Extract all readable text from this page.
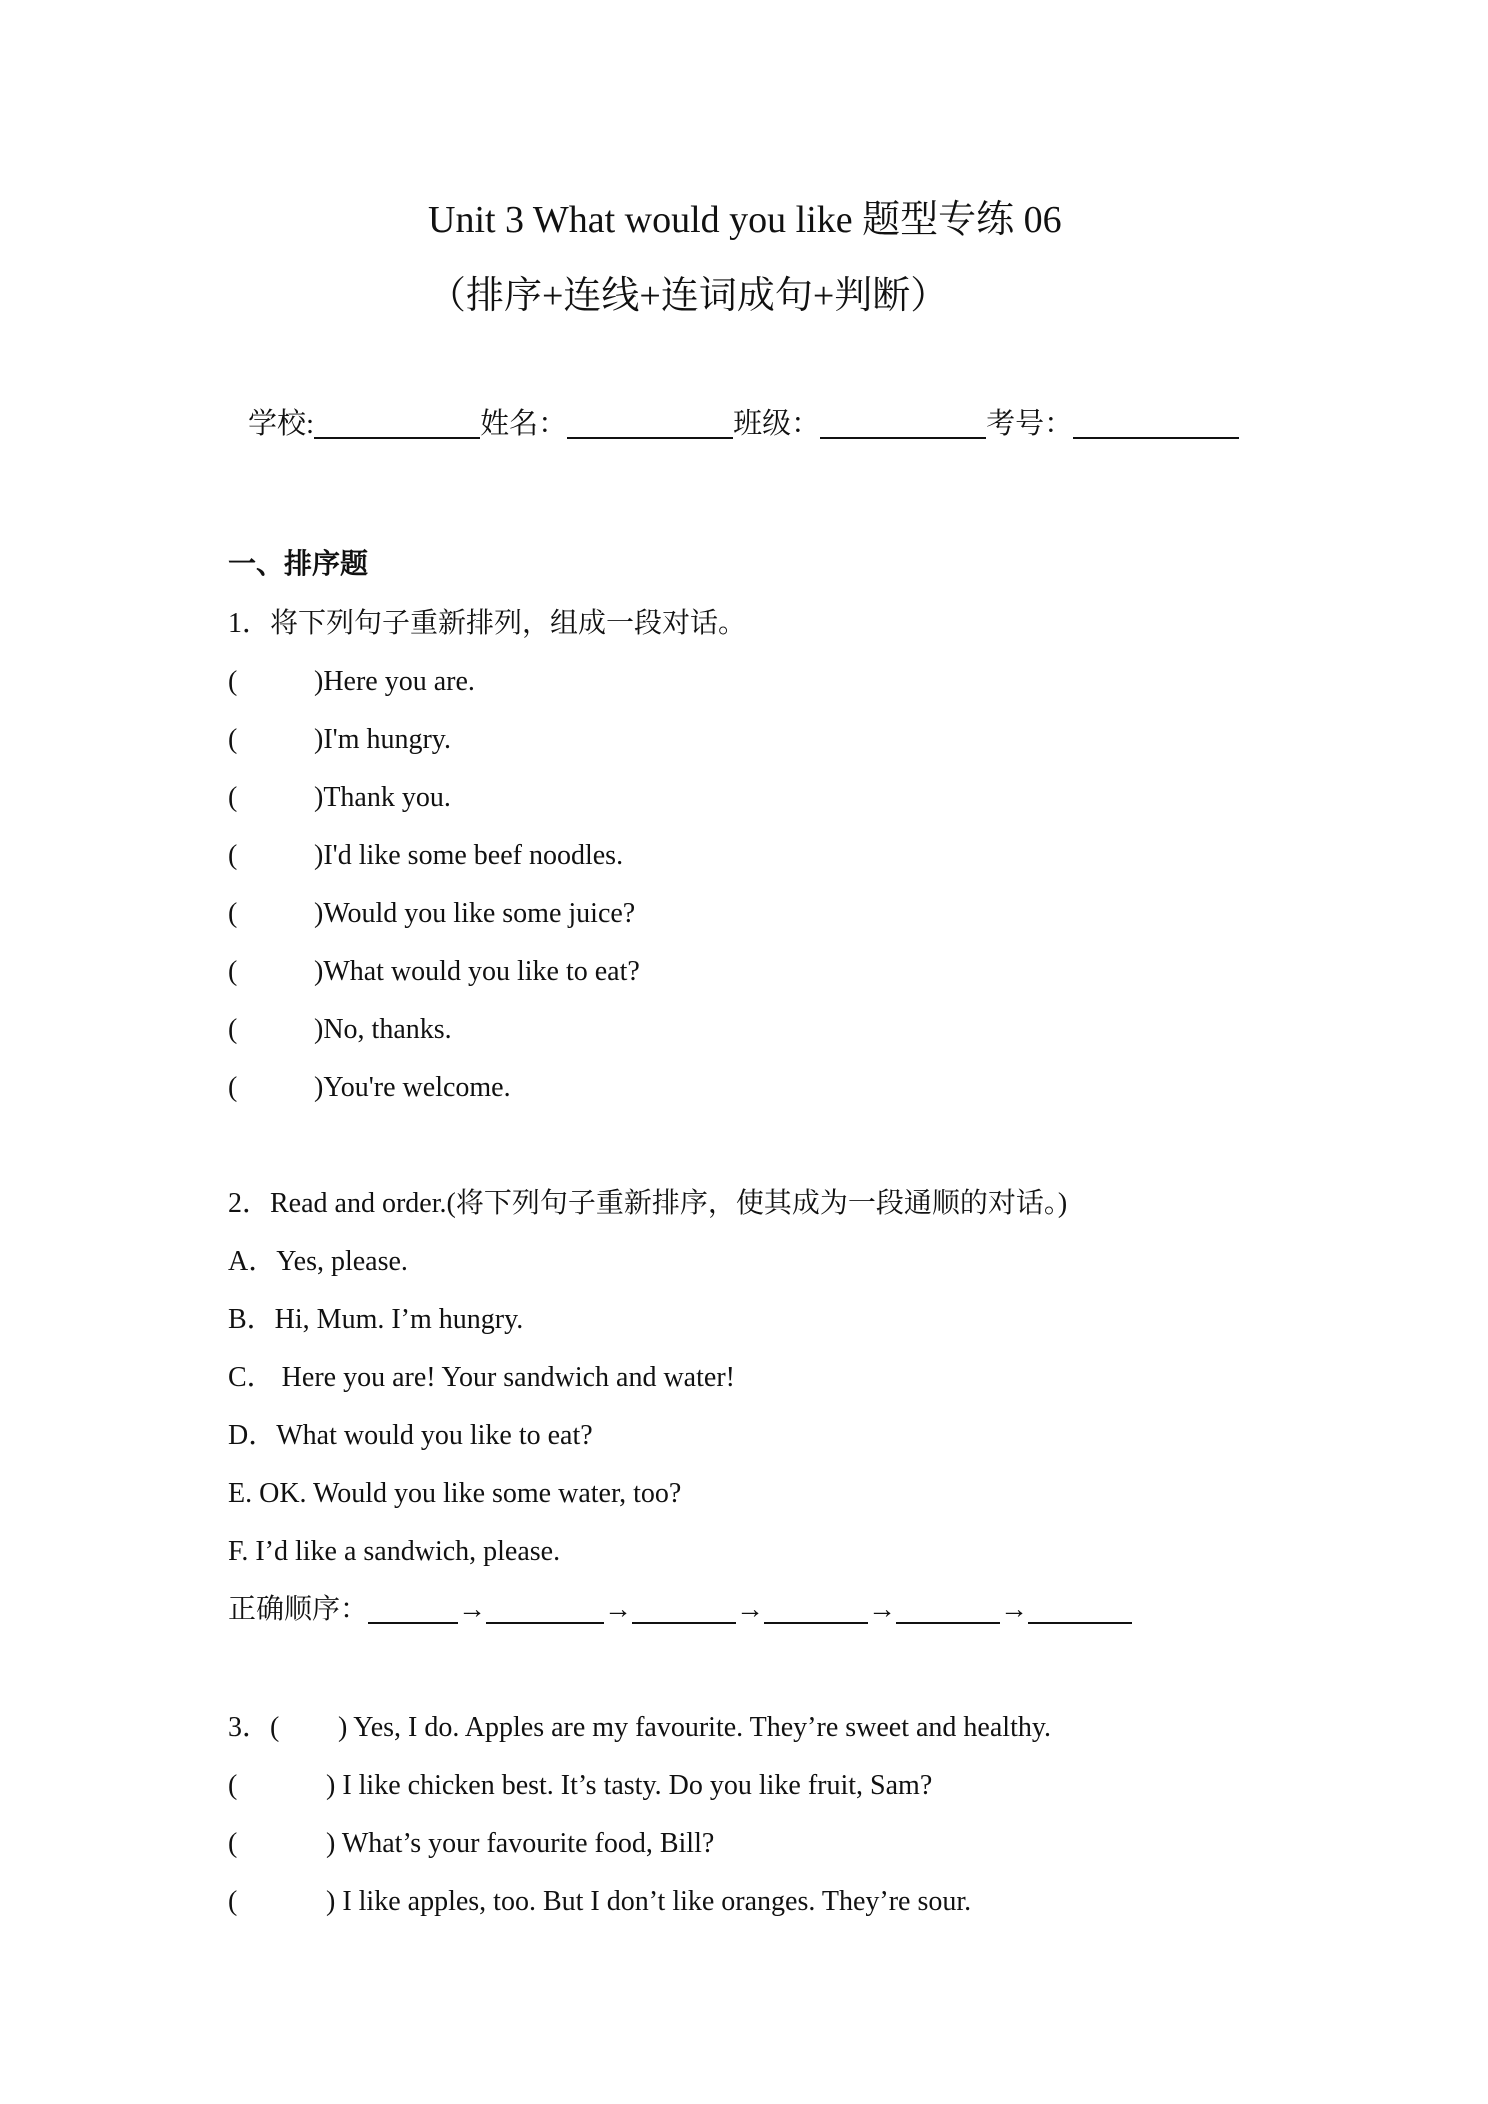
Unit 3 What would you like 题型专练 06
（排序+连线+连词成句+判断）
学校:	姓名：	班级：	考号：
一、排序题
1．将下列句子重新排列，组成一段对话。
(	)Here you are.
(	)I'm hungry.
(	)Thank you.
(	)I'd like some beef noodles.
(	)Would you like some juice?
(	)What would you like to eat?
(	)No, thanks.
(	)You're welcome.
2．Read and order.(将下列句子重新排序，使其成为一段通顺的对话。)
A．Yes, please.
B．Hi, Mum. I’m hungry.
C． Here you are! Your sandwich and water!
D．What would you like to eat?
E. OK. Would you like some water, too?
F. I’d like a sandwich, please.
正确顺序：	→	→	→	→	→
3．( ) Yes, I do. Apples are my favourite. They’re sweet and healthy.
(	) I like chicken best. It’s tasty. Do you like fruit, Sam?
(	) What’s your favourite food, Bill?
(	) I like apples, too. But I don’t like oranges. They’re sour.
